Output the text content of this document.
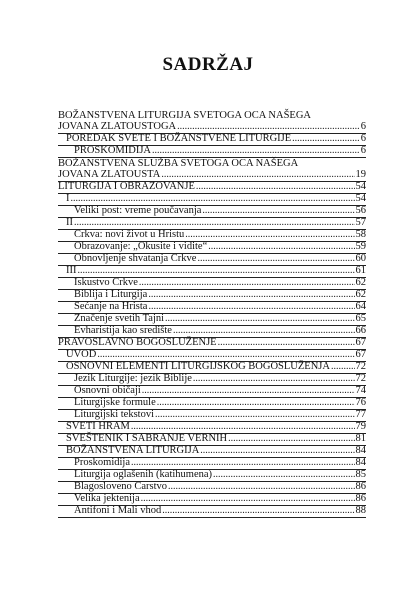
SADRŽAJ
BOŽANSTVENA LITURGIJA SVETOGA OCA NAŠEGA
JOVANA ZLATOUSTOGA .....	6
POREDAK SVETE I BOŽANSTVENE LITURGIJE .....	6
PROSKOMIDIJA .....	6
BOŽANSTVENA SLUŽBA SVETOGA OCA NAŠEGA
JOVANA ZLATOUSTA .....	19
LITURGIJA I OBRAZOVANJE .....	54
I .....	54
Veliki post: vreme poučavanja .....	56
II .....	57
Crkva: novi život u Hristu .....	58
Obrazovanje: „Okusite i vidite“ .....	59
Obnovljenje shvatanja Crkve .....	60
III .....	61
Iskustvo Crkve .....	62
Biblija i Liturgija .....	62
Sećanje na Hrista .....	64
Značenje svetih Tajni .....	65
Evharistija kao središte .....	66
PRAVOSLAVNO BOGOSLUŽENJE .....	67
UVOD .....	67
OSNOVNI ELEMENTI LITURGIJSKOG BOGOSLUŽENJA ..... 72
Jezik Liturgije: jezik Biblije .....	72
Osnovni običaji .....	74
Liturgijske formule .....	76
Liturgijski tekstovi .....	77
SVETI HRAM .....	79
SVEŠTENIK I SABRANJE VERNIH .....	81
BOŽANSTVENA LITURGIJA .....	84
Proskomidija .....	84
Liturgija oglašenih (katihumena) .....	85
Blagosloveno Carstvo .....	86
Velika jektenija .....	86
Antifoni i Mali vhod .....	88
